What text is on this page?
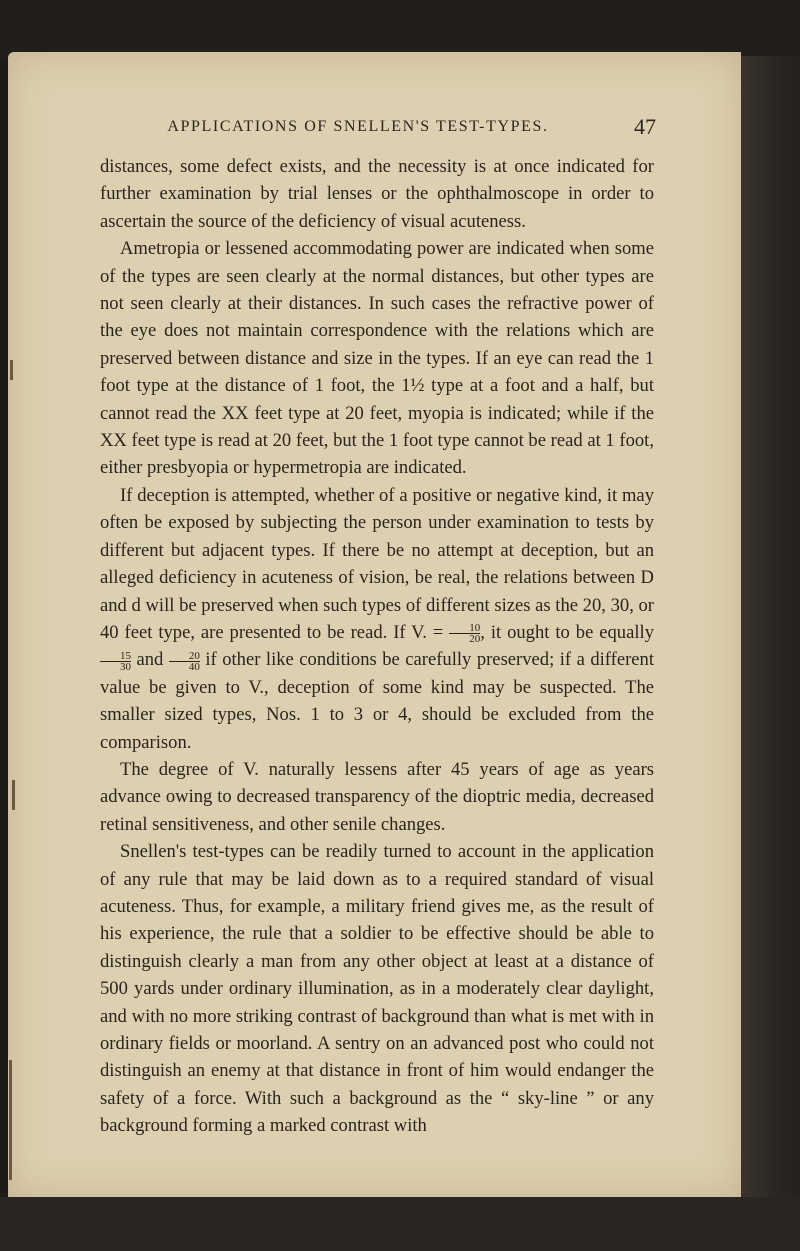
APPLICATIONS OF SNELLEN'S TEST-TYPES.	47

distances, some defect exists, and the necessity is at once indicated for further examination by trial lenses or the ophthalmoscope in order to ascertain the source of the deficiency of visual acuteness.

Ametropia or lessened accommodating power are indicated when some of the types are seen clearly at the normal distances, but other types are not seen clearly at their distances. In such cases the refractive power of the eye does not maintain correspondence with the relations which are preserved between distance and size in the types. If an eye can read the 1 foot type at the distance of 1 foot, the 1½ type at a foot and a half, but cannot read the XX feet type at 20 feet, myopia is indicated; while if the XX feet type is read at 20 feet, but the 1 foot type cannot be read at 1 foot, either presbyopia or hypermetropia are indicated.

If deception is attempted, whether of a positive or negative kind, it may often be exposed by subjecting the person under examination to tests by different but adjacent types. If there be no attempt at deception, but an alleged deficiency in acuteness of vision, be real, the relations between D and d will be preserved when such types of different sizes as the 20, 30, or 40 feet type, are presented to be read. If V. = $\frac{10}{20}$ , it ought to be equally
$\frac{15}{30}$ and $\frac{20}{40}$ if other like conditions be carefully preserved; if a different value be given to V., deception of some kind may be suspected. The smaller sized types, Nos. 1 to 3 or 4, should be excluded from the comparison.

The degree of V. naturally lessens after 45 years of age as years advance owing to decreased transparency of the dioptric media, decreased retinal sensitiveness, and other senile changes.

Snellen's test-types can be readily turned to account in the application of any rule that may be laid down as to a required standard of visual acuteness. Thus, for example, a military friend gives me, as the result of his experience, the rule that a soldier to be effective should be able to distinguish clearly a man from any other object at least at a distance of 500 yards under ordinary illumination, as in a moderately clear daylight, and with no more striking contrast of background than what is met with in ordinary fields or moorland. A sentry on an advanced post who could not distinguish an enemy at that distance in front of him would endanger the safety of a force. With such a background as the “ sky-line ” or any background forming a marked contrast with
